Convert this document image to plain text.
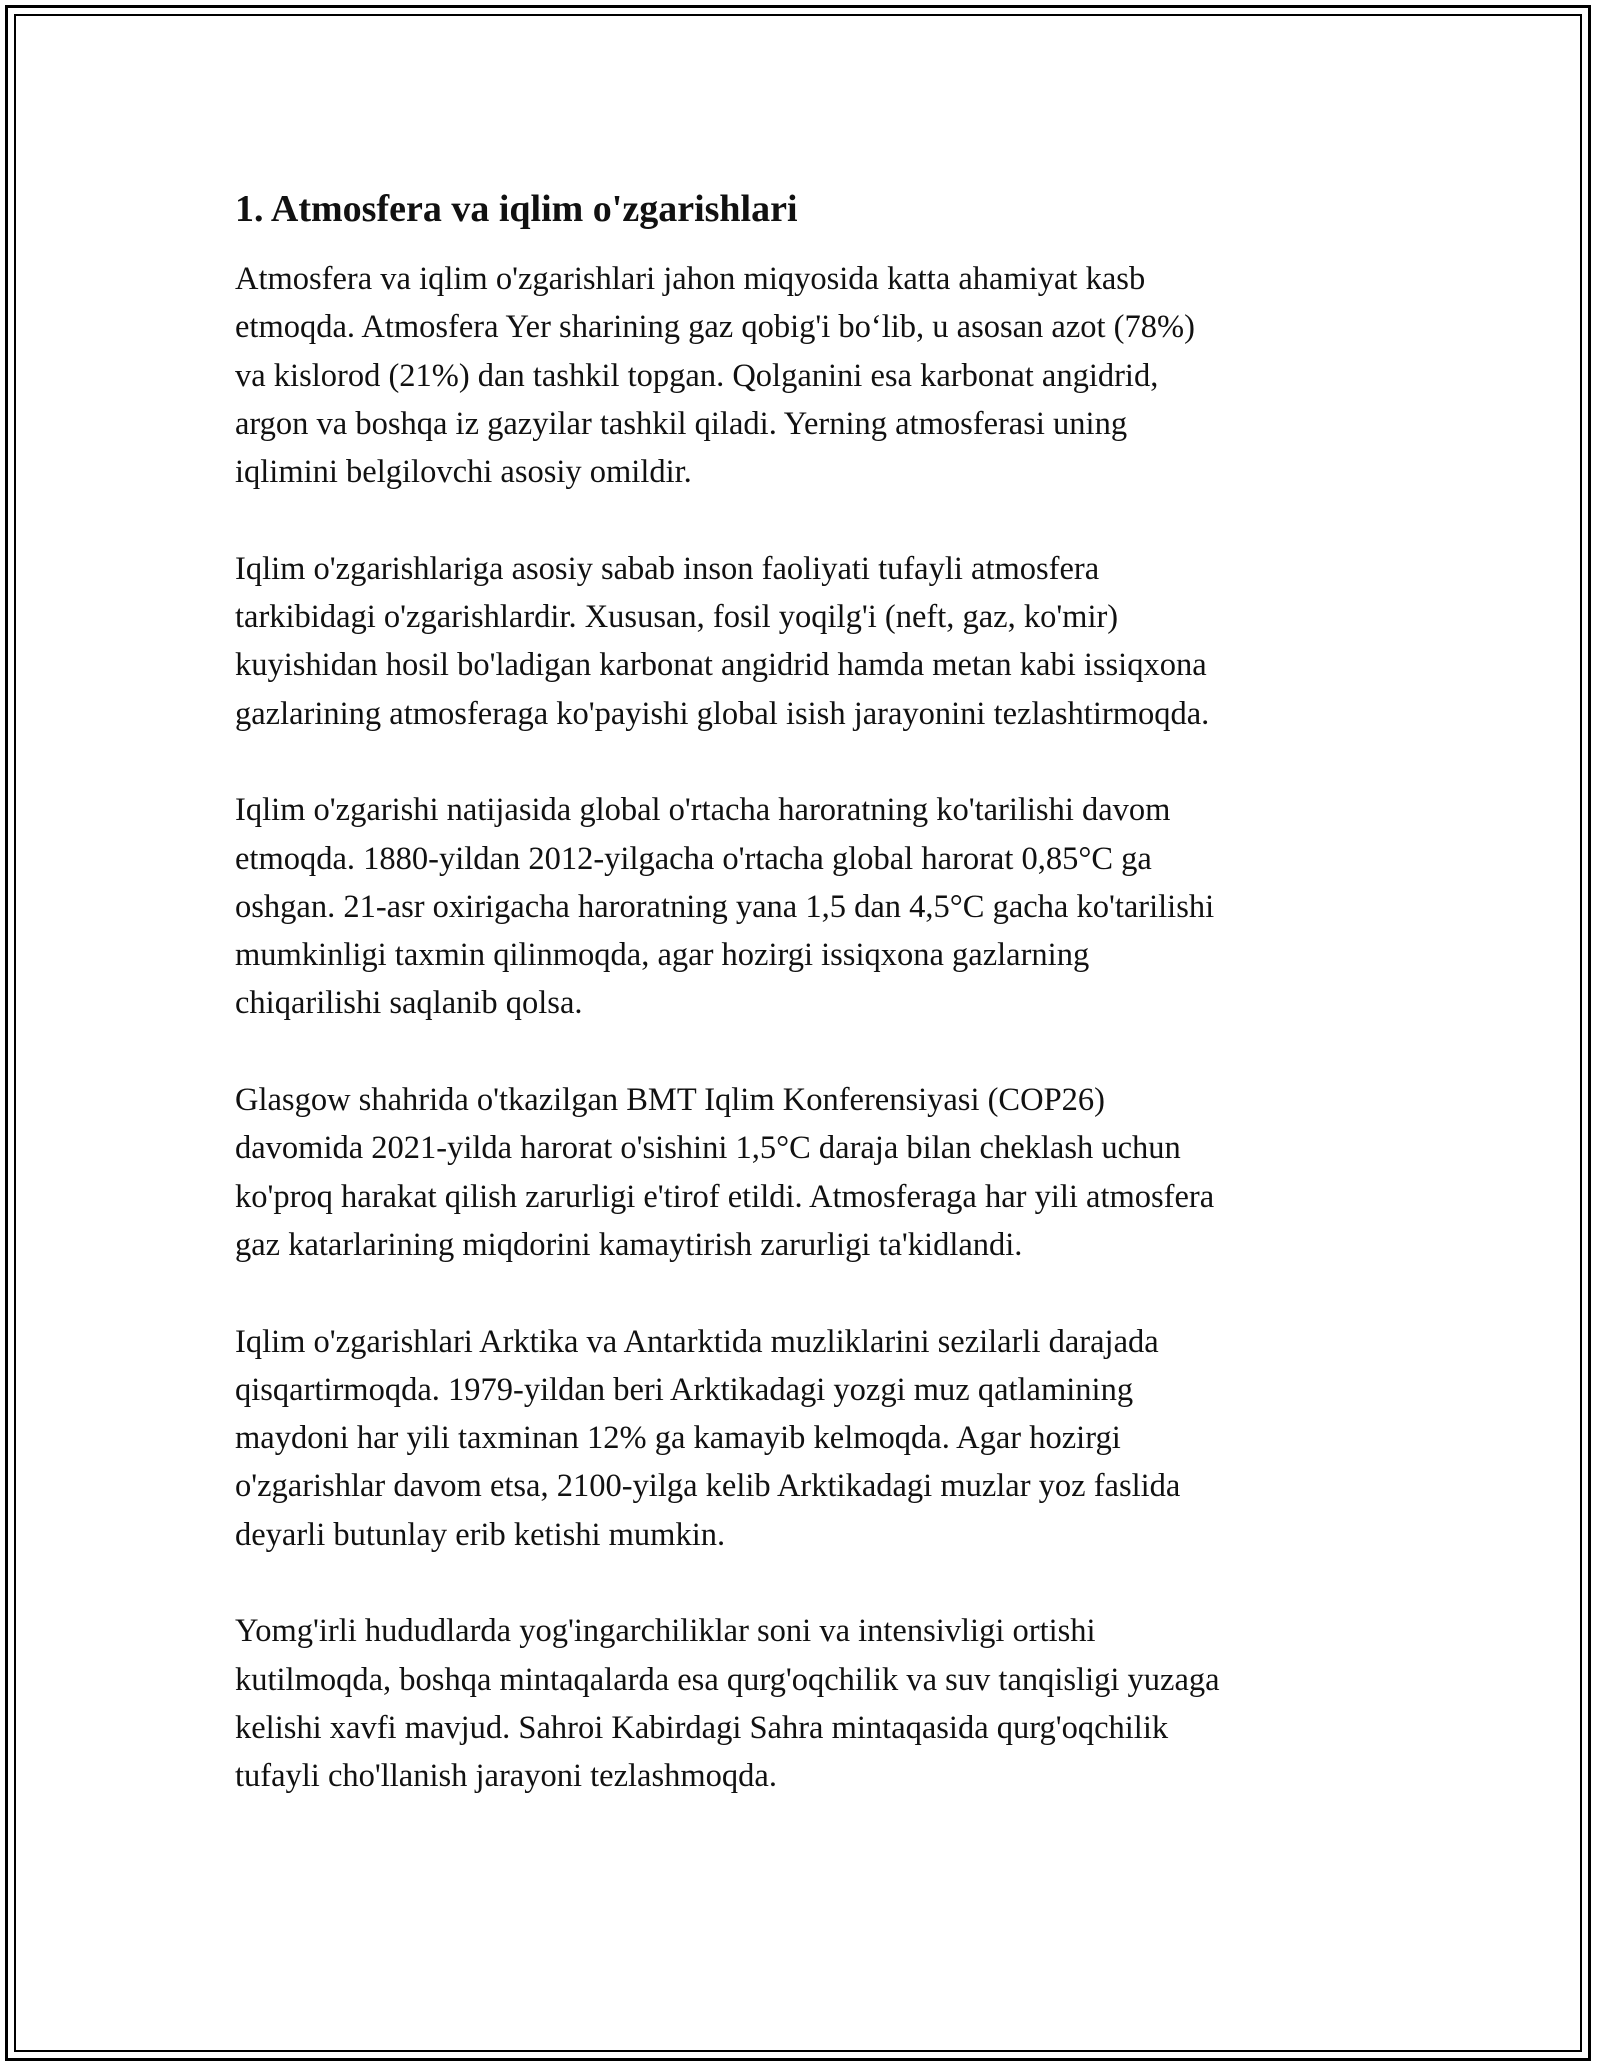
1. Atmosfera va iqlim o'zgarishlari
Atmosfera va iqlim o'zgarishlari jahon miqyosida katta ahamiyat kasb
etmoqda. Atmosfera Yer sharining gaz qobig'i bo‘lib, u asosan azot (78%)
va kislorod (21%) dan tashkil topgan. Qolganini esa karbonat angidrid,
argon va boshqa iz gazyilar tashkil qiladi. Yerning atmosferasi uning
iqlimini belgilovchi asosiy omildir.
Iqlim o'zgarishlariga asosiy sabab inson faoliyati tufayli atmosfera
tarkibidagi o'zgarishlardir. Xususan, fosil yoqilg'i (neft, gaz, ko'mir)
kuyishidan hosil bo'ladigan karbonat angidrid hamda metan kabi issiqxona
gazlarining atmosferaga ko'payishi global isish jarayonini tezlashtirmoqda.
Iqlim o'zgarishi natijasida global o'rtacha haroratning ko'tarilishi davom
etmoqda. 1880-yildan 2012-yilgacha o'rtacha global harorat 0,85°C ga
oshgan. 21-asr oxirigacha haroratning yana 1,5 dan 4,5°C gacha ko'tarilishi
mumkinligi taxmin qilinmoqda, agar hozirgi issiqxona gazlarning
chiqarilishi saqlanib qolsa.
Glasgow shahrida o'tkazilgan BMT Iqlim Konferensiyasi (COP26)
davomida 2021-yilda harorat o'sishini 1,5°C daraja bilan cheklash uchun
ko'proq harakat qilish zarurligi e'tirof etildi. Atmosferaga har yili atmosfera
gaz katarlarining miqdorini kamaytirish zarurligi ta'kidlandi.
Iqlim o'zgarishlari Arktika va Antarktida muzliklarini sezilarli darajada
qisqartirmoqda. 1979-yildan beri Arktikadagi yozgi muz qatlamining
maydoni har yili taxminan 12% ga kamayib kelmoqda. Agar hozirgi
o'zgarishlar davom etsa, 2100-yilga kelib Arktikadagi muzlar yoz faslida
deyarli butunlay erib ketishi mumkin.
Yomg'irli hududlarda yog'ingarchiliklar soni va intensivligi ortishi
kutilmoqda, boshqa mintaqalarda esa qurg'oqchilik va suv tanqisligi yuzaga
kelishi xavfi mavjud. Sahroi Kabirdagi Sahra mintaqasida qurg'oqchilik
tufayli cho'llanish jarayoni tezlashmoqda.
